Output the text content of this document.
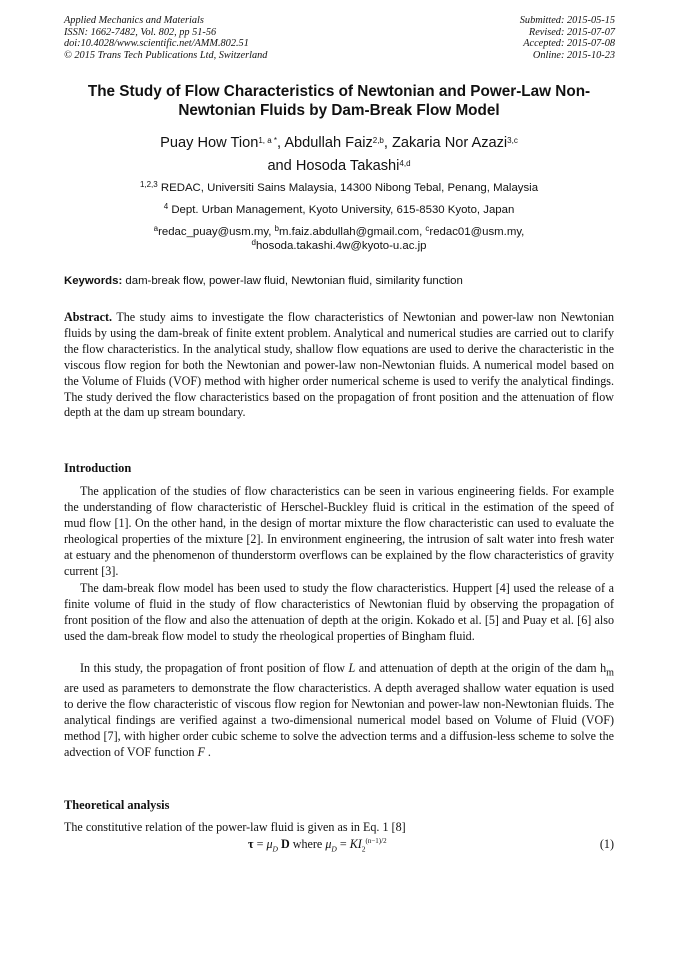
Applied Mechanics and Materials
ISSN: 1662-7482, Vol. 802, pp 51-56
doi:10.4028/www.scientific.net/AMM.802.51
© 2015 Trans Tech Publications Ltd, Switzerland
Submitted: 2015-05-15
Revised: 2015-07-07
Accepted: 2015-07-08
Online: 2015-10-23
The Study of Flow Characteristics of Newtonian and Power-Law Non-Newtonian Fluids by Dam-Break Flow Model
Puay How Tion$^{1, a *}$, Abdullah Faiz$^{2,b}$, Zakaria Nor Azazi$^{3,c}$
and Hosoda Takashi$^{4,d}$
$^{1,2,3}$ REDAC, Universiti Sains Malaysia, 14300 Nibong Tebal, Penang, Malaysia
$^4$ Dept. Urban Management, Kyoto University, 615-8530 Kyoto, Japan
$^a$redac_puay@usm.my, $^b$m.faiz.abdullah@gmail.com, $^c$redac01@usm.my,
$^d$hosoda.takashi.4w@kyoto-u.ac.jp
Keywords: dam-break flow, power-law fluid, Newtonian fluid, similarity function

Abstract. The study aims to investigate the flow characteristics of Newtonian and power-law non Newtonian fluids by using the dam-break of finite extent problem. Analytical and numerical studies are carried out to clarify the flow characteristics. In the analytical study, shallow flow equations are used to derive the characteristic in the viscous flow region for both the Newtonian and power-law non-Newtonian fluids. A numerical model based on the Volume of Fluids (VOF) method with higher order numerical scheme is used to verify the analytical findings. The study derived the flow characteristics based on the propagation of front position and the attenuation of flow depth at the dam up stream boundary.

Introduction

The application of the studies of flow characteristics can be seen in various engineering fields. For example the understanding of flow characteristic of Herschel-Buckley fluid is critical in the estimation of the speed of mud flow [1]. On the other hand, in the design of mortar mixture the flow characteristic can used to evaluate the rheological properties of the mixture [2]. In environment engineering, the intrusion of salt water into fresh water at estuary and the phenomenon of thunderstorm overflows can be explained by the flow characteristics of gravity current [3].

The dam-break flow model has been used to study the flow characteristics. Huppert [4] used the release of a finite volume of fluid in the study of flow characteristics of Newtonian fluid by observing the propagation of front position of the flow and also the attenuation of depth at the origin. Kokado et al. [5] and Puay et al. [6] also used the dam-break flow model to study the rheological properties of Bingham fluid.

In this study, the propagation of front position of flow L and attenuation of depth at the origin of the dam $h_m$ are used as parameters to demonstrate the flow characteristics. A depth averaged shallow water equation is used to derive the flow characteristic of viscous flow region for Newtonian and power-law non-Newtonian fluids. The analytical findings are verified against a two-dimensional numerical model based on Volume of Fluid (VOF) method [7], with higher order cubic scheme to solve the advection terms and a diffusion-less scheme to solve the advection of VOF function F .

Theoretical analysis

The constitutive relation of the power-law fluid is given as in Eq. 1 [8]

$\tau = \mu_D$ D where $\mu_D = KI_2^{(n-1)/2}$	(1)
